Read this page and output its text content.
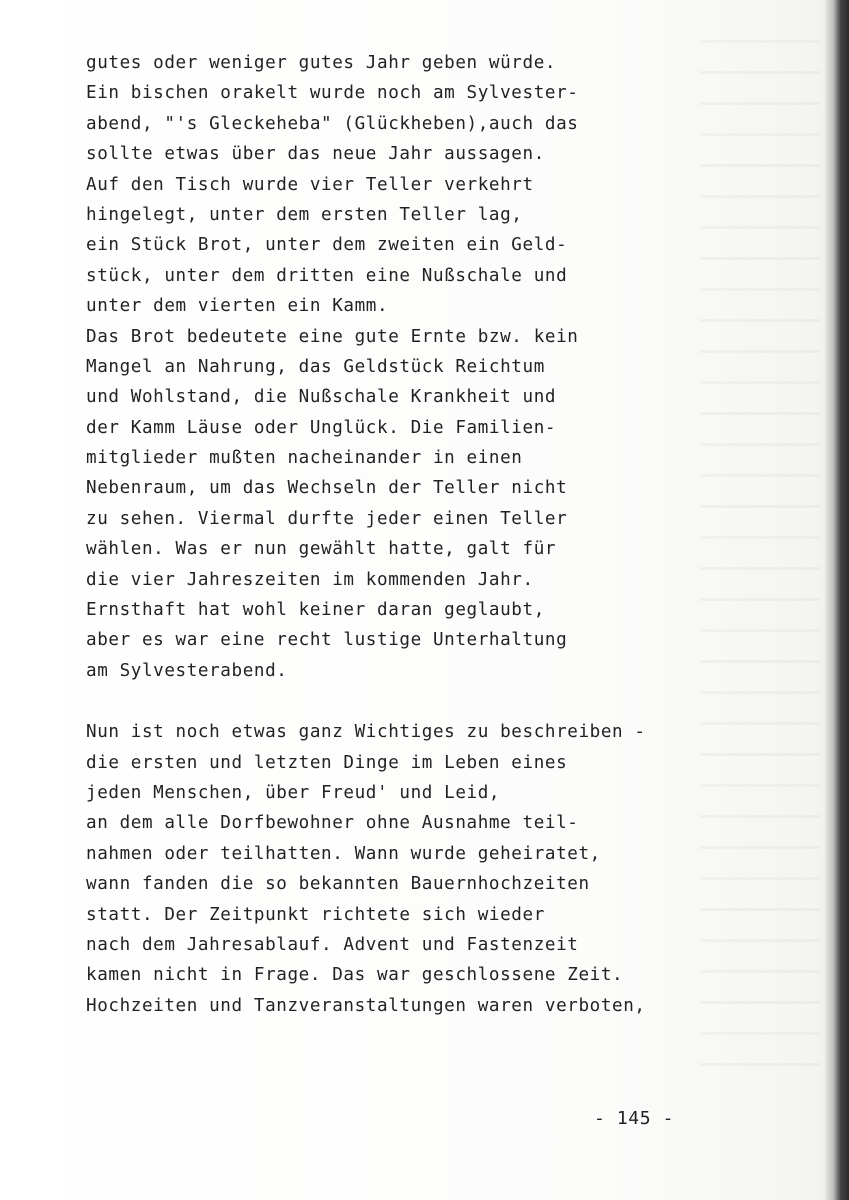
gutes oder weniger gutes Jahr geben würde.
Ein bischen orakelt wurde noch am Sylvester-
abend, "'s Gleckeheba" (Glückheben),auch das
sollte etwas über das neue Jahr aussagen.
Auf den Tisch wurde vier Teller verkehrt
hingelegt, unter dem ersten Teller lag,
ein Stück Brot, unter dem zweiten ein Geld-
stück, unter dem dritten eine Nußschale und
unter dem vierten ein Kamm.
Das Brot bedeutete eine gute Ernte bzw. kein
Mangel an Nahrung, das Geldstück Reichtum
und Wohlstand, die Nußschale Krankheit und
der Kamm Läuse oder Unglück. Die Familien-
mitglieder mußten nacheinander in einen
Nebenraum, um das Wechseln der Teller nicht
zu sehen. Viermal durfte jeder einen Teller
wählen. Was er nun gewählt hatte, galt für
die vier Jahreszeiten im kommenden Jahr.
Ernsthaft hat wohl keiner daran geglaubt,
aber es war eine recht lustige Unterhaltung
am Sylvesterabend.
Nun ist noch etwas ganz Wichtiges zu beschreiben -
die ersten und letzten Dinge im Leben eines
jeden Menschen, über Freud' und Leid,
an dem alle Dorfbewohner ohne Ausnahme teil-
nahmen oder teilhatten. Wann wurde geheiratet,
wann fanden die so bekannten Bauernhochzeiten
statt. Der Zeitpunkt richtete sich wieder
nach dem Jahresablauf. Advent und Fastenzeit
kamen nicht in Frage. Das war geschlossene Zeit.
Hochzeiten und Tanzveranstaltungen waren verboten,
- 145 -
